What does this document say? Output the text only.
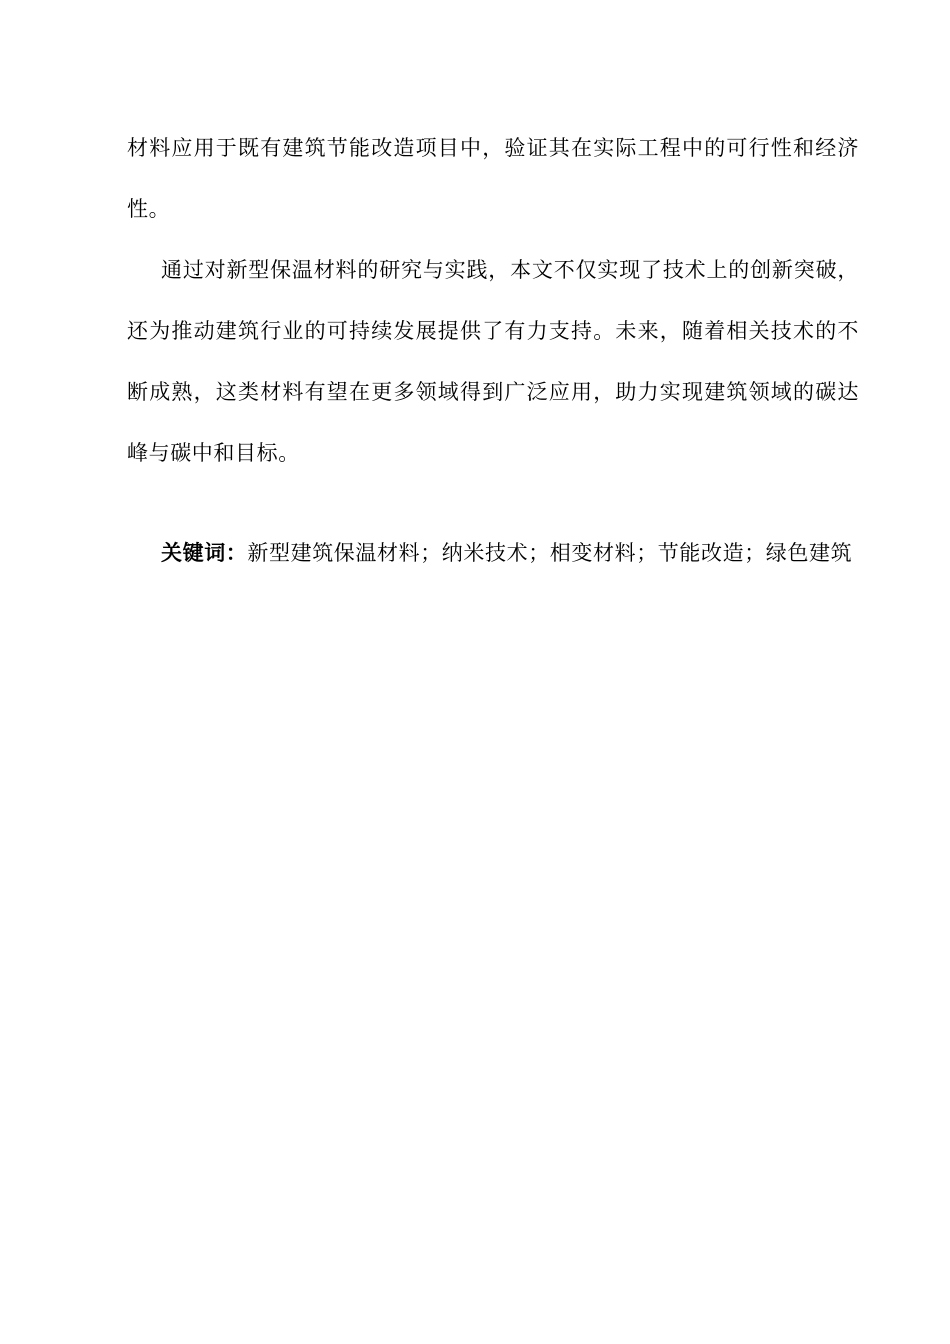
材料应用于既有建筑节能改造项目中，验证其在实际工程中的可行性和经济性。

通过对新型保温材料的研究与实践，本文不仅实现了技术上的创新突破，还为推动建筑行业的可持续发展提供了有力支持。未来，随着相关技术的不断成熟，这类材料有望在更多领域得到广泛应用，助力实现建筑领域的碳达峰与碳中和目标。

关键词：新型建筑保温材料；纳米技术；相变材料；节能改造；绿色建筑
